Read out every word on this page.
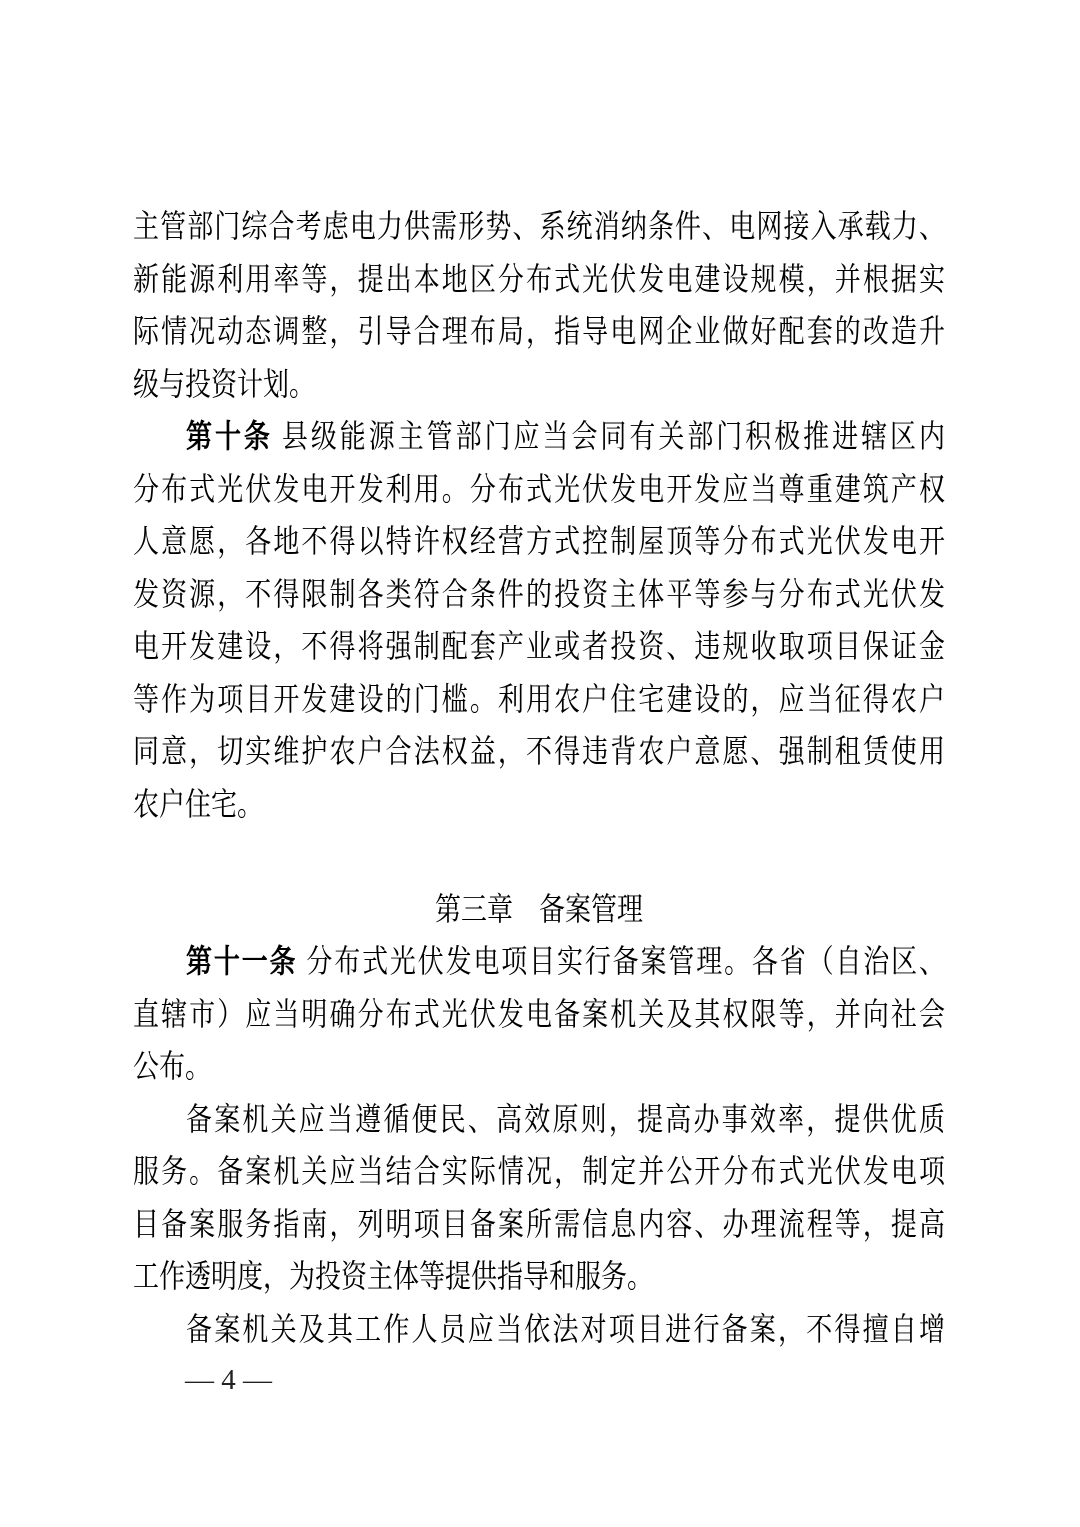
主管部门综合考虑电力供需形势、系统消纳条件、电网接入承载力、
新能源利用率等，提出本地区分布式光伏发电建设规模，并根据实
际情况动态调整，引导合理布局，指导电网企业做好配套的改造升
级与投资计划。
第十条 县级能源主管部门应当会同有关部门积极推进辖区内
分布式光伏发电开发利用。分布式光伏发电开发应当尊重建筑产权
人意愿，各地不得以特许权经营方式控制屋顶等分布式光伏发电开
发资源，不得限制各类符合条件的投资主体平等参与分布式光伏发
电开发建设，不得将强制配套产业或者投资、违规收取项目保证金
等作为项目开发建设的门槛。利用农户住宅建设的，应当征得农户
同意，切实维护农户合法权益，不得违背农户意愿、强制租赁使用
农户住宅。
第三章　备案管理
第十一条 分布式光伏发电项目实行备案管理。各省（自治区、
直辖市）应当明确分布式光伏发电备案机关及其权限等，并向社会
公布。
备案机关应当遵循便民、高效原则，提高办事效率，提供优质
服务。备案机关应当结合实际情况，制定并公开分布式光伏发电项
目备案服务指南，列明项目备案所需信息内容、办理流程等，提高
工作透明度，为投资主体等提供指导和服务。
备案机关及其工作人员应当依法对项目进行备案，不得擅自增
— 4 —
